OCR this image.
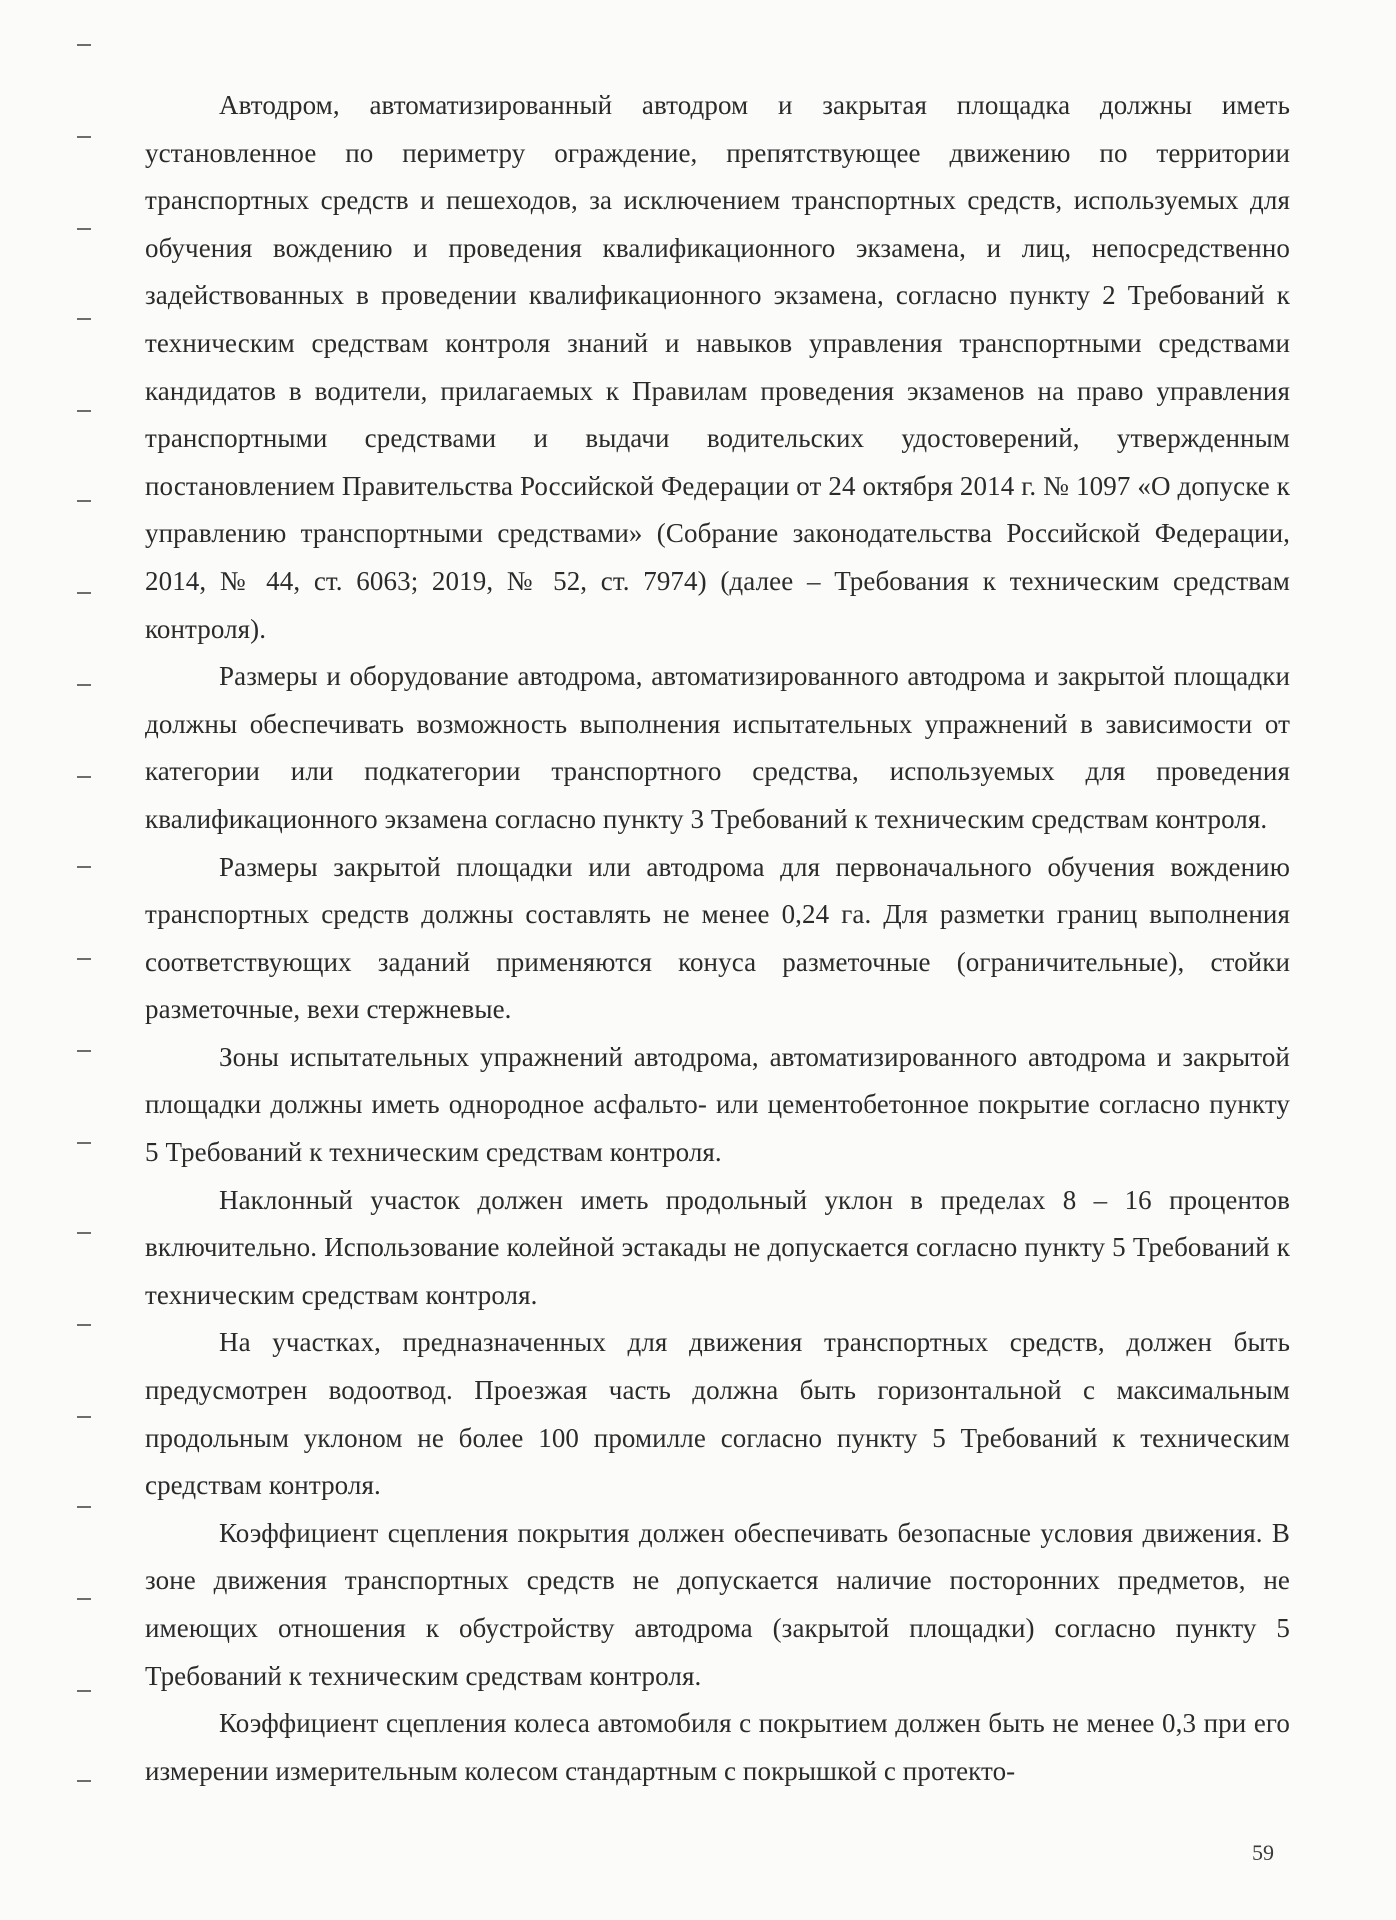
Автодром, автоматизированный автодром и закрытая площадка должны иметь установленное по периметру ограждение, препятствующее движению по территории транспортных средств и пешеходов, за исключением транспортных средств, используемых для обучения вождению и проведения квалификационного экзамена, и лиц, непосредственно задействованных в проведении квалификационного экзамена, согласно пункту 2 Требований к техническим средствам контроля знаний и навыков управления транспортными средствами кандидатов в водители, прилагаемых к Правилам проведения экзаменов на право управления транспортными средствами и выдачи водительских удостоверений, утвержденным постановлением Правительства Российской Федерации от 24 октября 2014 г. № 1097 «О допуске к управлению транспортными средствами» (Собрание законодательства Российской Федерации, 2014, № 44, ст. 6063; 2019, № 52, ст. 7974) (далее – Требования к техническим средствам контроля).

Размеры и оборудование автодрома, автоматизированного автодрома и закрытой площадки должны обеспечивать возможность выполнения испытательных упражнений в зависимости от категории или подкатегории транспортного средства, используемых для проведения квалификационного экзамена согласно пункту 3 Требований к техническим средствам контроля.

Размеры закрытой площадки или автодрома для первоначального обучения вождению транспортных средств должны составлять не менее 0,24 га. Для разметки границ выполнения соответствующих заданий применяются конуса разметочные (ограничительные), стойки разметочные, вехи стержневые.

Зоны испытательных упражнений автодрома, автоматизированного автодрома и закрытой площадки должны иметь однородное асфальто- или цементобетонное покрытие согласно пункту 5 Требований к техническим средствам контроля.

Наклонный участок должен иметь продольный уклон в пределах 8 – 16 процентов включительно. Использование колейной эстакады не допускается согласно пункту 5 Требований к техническим средствам контроля.

На участках, предназначенных для движения транспортных средств, должен быть предусмотрен водоотвод. Проезжая часть должна быть горизонтальной с максимальным продольным уклоном не более 100 промилле согласно пункту 5 Требований к техническим средствам контроля.

Коэффициент сцепления покрытия должен обеспечивать безопасные условия движения. В зоне движения транспортных средств не допускается наличие посторонних предметов, не имеющих отношения к обустройству автодрома (закрытой площадки) согласно пункту 5 Требований к техническим средствам контроля.

Коэффициент сцепления колеса автомобиля с покрытием должен быть не менее 0,3 при его измерении измерительным колесом стандартным с покрышкой с протекто-

59
